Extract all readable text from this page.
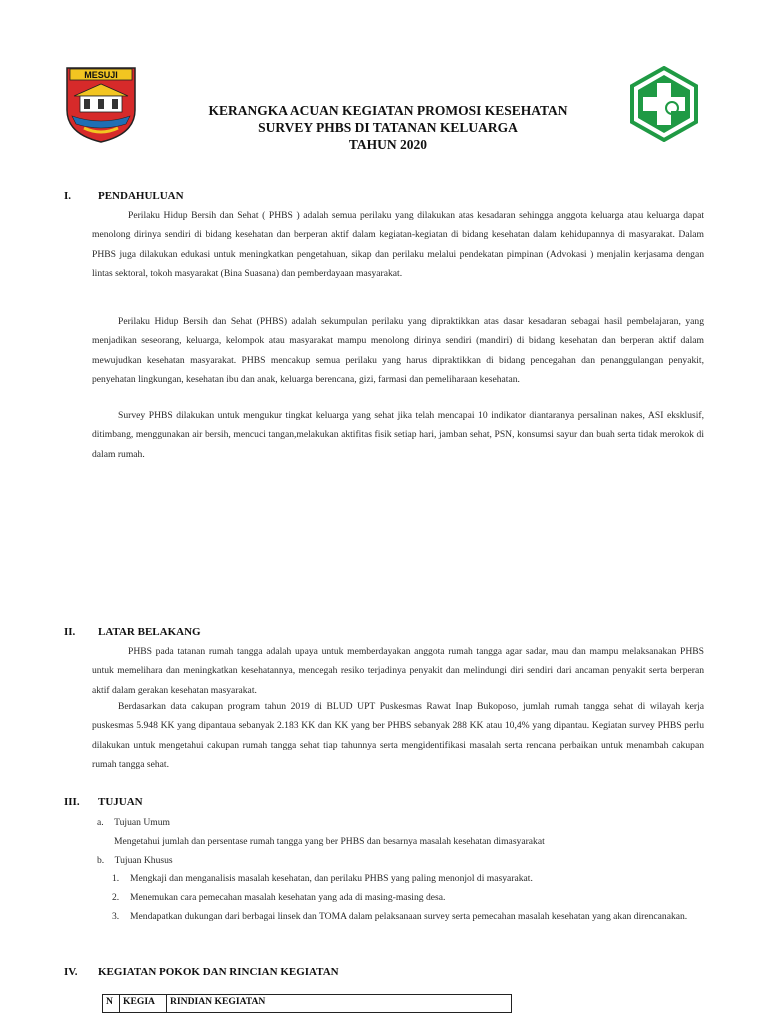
MESUJI
KERANGKA ACUAN KEGIATAN PROMOSI KESEHATAN
SURVEY PHBS DI TATANAN KELUARGA
TAHUN 2020
I. PENDAHULUAN
Perilaku Hidup Bersih dan Sehat ( PHBS ) adalah semua perilaku yang dilakukan atas kesadaran sehingga anggota keluarga atau keluarga dapat menolong dirinya sendiri di bidang kesehatan dan berperan aktif dalam kegiatan-kegiatan di bidang kesehatan dalam kehidupannya di masyarakat. Dalam PHBS juga dilakukan edukasi untuk meningkatkan pengetahuan, sikap dan perilaku melalui pendekatan pimpinan (Advokasi ) menjalin kerjasama dengan lintas sektoral, tokoh masyarakat (Bina Suasana) dan pemberdayaan masyarakat.
Perilaku Hidup Bersih dan Sehat (PHBS) adalah sekumpulan perilaku yang dipraktikkan atas dasar kesadaran sebagai hasil pembelajaran, yang menjadikan seseorang, keluarga, kelompok atau masyarakat mampu menolong dirinya sendiri (mandiri) di bidang kesehatan dan berperan aktif dalam mewujudkan kesehatan masyarakat. PHBS mencakup semua perilaku yang harus dipraktikkan di bidang pencegahan dan penanggulangan penyakit, penyehatan lingkungan, kesehatan ibu dan anak, keluarga berencana, gizi, farmasi dan pemeliharaan kesehatan.
Survey PHBS dilakukan untuk mengukur tingkat keluarga yang sehat jika telah mencapai 10 indikator diantaranya persalinan nakes, ASI eksklusif, ditimbang, menggunakan air bersih, mencuci tangan,melakukan aktifitas fisik setiap hari, jamban sehat, PSN, konsumsi sayur dan buah serta tidak merokok di dalam rumah.
II. LATAR BELAKANG
PHBS pada tatanan rumah tangga adalah upaya untuk memberdayakan anggota rumah tangga agar sadar, mau dan mampu melaksanakan PHBS untuk memelihara dan meningkatkan kesehatannya, mencegah resiko terjadinya penyakit dan melindungi diri sendiri dari ancaman penyakit serta berperan aktif dalam gerakan kesehatan masyarakat.
Berdasarkan data cakupan program tahun 2019 di BLUD UPT Puskesmas Rawat Inap Bukoposo, jumlah rumah tangga sehat di wilayah kerja puskesmas 5.948 KK yang dipantaua sebanyak 2.183 KK dan KK yang ber PHBS sebanyak 288 KK atau 10,4% yang dipantau. Kegiatan survey PHBS perlu dilakukan untuk mengetahui cakupan rumah tangga sehat tiap tahunnya serta mengidentifikasi masalah serta rencana perbaikan untuk menambah cakupan rumah tangga sehat.
III. TUJUAN
a. Tujuan Umum
Mengetahui jumlah dan persentase rumah tangga yang ber PHBS dan besarnya masalah kesehatan dimasyarakat
b. Tujuan Khusus
1. Mengkaji dan menganalisis masalah kesehatan, dan perilaku PHBS yang paling menonjol di masyarakat.
2. Menemukan cara pemecahan masalah kesehatan yang ada di masing-masing desa.
3. Mendapatkan dukungan dari berbagai linsek dan TOMA dalam pelaksanaan survey serta pemecahan masalah kesehatan yang akan direncanakan.
IV. KEGIATAN POKOK DAN RINCIAN KEGIATAN
N	KEGIA	RINDIAN KEGIATAN
